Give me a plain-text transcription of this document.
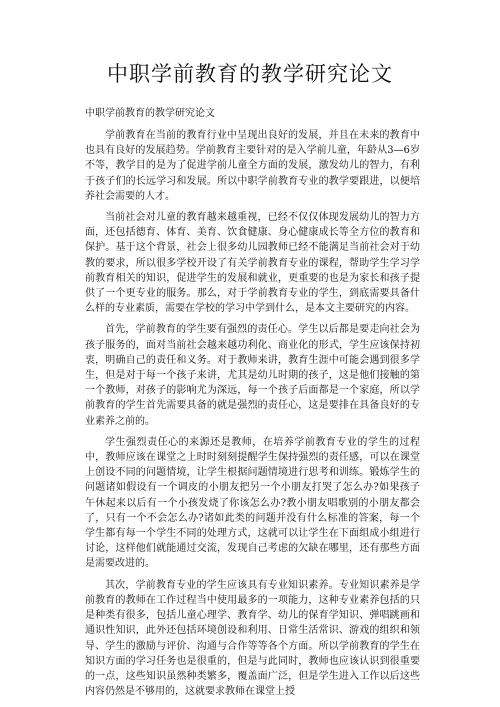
中职学前教育的教学研究论文
中职学前教育的教学研究论文

学前教育在当前的教育行业中呈现出良好的发展，并且在未来的教育中也具有良好的发展趋势。学前教育主要针对的是入学前儿童，年龄从3—6岁不等，教学目的是为了促进学前儿童全方面的发展，激发幼儿的智力，有利于孩子们的长远学习和发展。所以中职学前教育专业的教学要跟进，以便培养社会需要的人才。

当前社会对儿童的教育越来越重视，已经不仅仅体现发展幼儿的智力方面，还包括德育、体育、美育、饮食健康、身心健康成长等全方位的教育和保护。基于这个背景，社会上很多幼儿园教师已经不能满足当前社会对于幼教的要求，所以很多学校开设了有关学前教育专业的课程，帮助学生学习学前教育相关的知识，促进学生的发展和就业，更重要的也是为家长和孩子提供了一个更专业的服务。那么，对于学前教育专业的学生，到底需要具备什么样的专业素质，需要在学校的学习中学到什么，是本文主要研究的内容。

首先，学前教育的学生要有强烈的责任心。学生以后都是要走向社会为孩子服务的，面对当前社会越来越功利化、商业化的形式，学生应该保持初衷，明确自己的责任和义务。对于教师来讲，教育生涯中可能会遇到很多学生，但是对于每一个孩子来讲，尤其是幼儿时期的孩子，这是他们接触的第一个教师，对孩子的影响尤为深远，每一个孩子后面都是一个家庭，所以学前教育的学生首先需要具备的就是强烈的责任心，这是要排在具备良好的专业素养之前的。

学生强烈责任心的来源还是教师，在培养学前教育专业的学生的过程中，教师应该在课堂之上时时刻刻提醒学生保持强烈的责任感，可以在课堂上创设不同的问题情境，让学生根据问题情境进行思考和训练。锻炼学生的问题诸如假设有一个调皮的小朋友把另一个小朋友打哭了怎么办?如果孩子午休起来以后有一个小孩发烧了你该怎么办?教小朋友唱歌别的小朋友都会了，只有一个不会怎么办?诸如此类的问题并没有什么标准的答案，每一个学生都有每一个学生不同的处理方式，这就可以让学生在下面组成小组进行讨论，这样他们就能通过交流，发现自己考虑的欠缺在哪里，还有那些方面是需要改进的。

其次，学前教育专业的学生应该具有专业知识素养。专业知识素养是学前教育的教师在工作过程当中使用最多的一项能力，这种专业素养包括的只是种类有很多，包括儿童心理学、教育学、幼儿的保育学知识、弹唱跳画和通识性知识，此外还包括环境创设和利用、日常生活常识、游戏的组织和领导、学生的激励与评价、沟通与合作等等各个方面。所以学前教育的学生在知识方面的学习任务也是很重的，但是与此同时，教师也应该认识到很重要的一点，这些知识虽然种类繁多，覆盖面广泛，但是学生进入工作以后这些内容仍然是不够用的，这就要求教师在课堂上授
